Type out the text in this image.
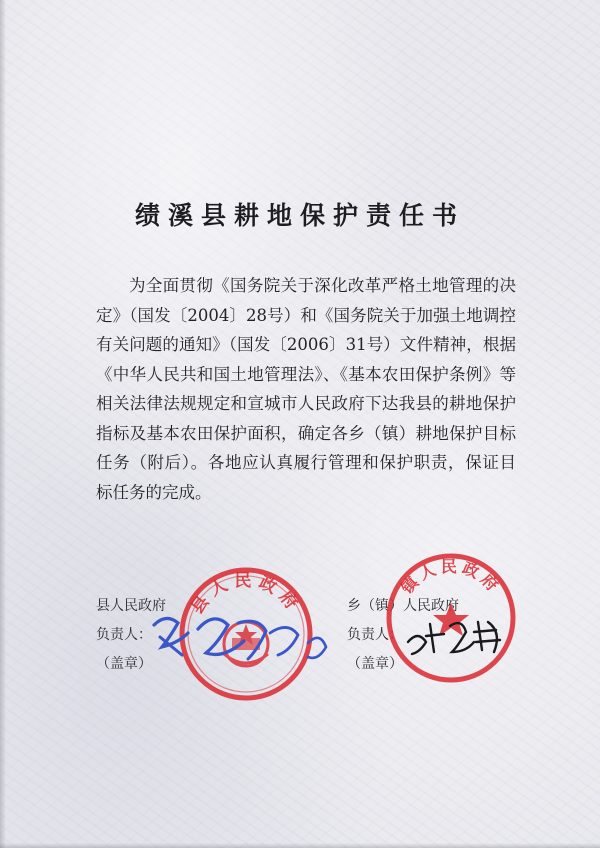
绩溪县耕地保护责任书
为全面贯彻《国务院关于深化改革严格土地管理的决定》（国发〔2004〕28号）和《国务院关于加强土地调控有关问题的通知》（国发〔2006〕31号）文件精神，根据《中华人民共和国土地管理法》、《基本农田保护条例》等相关法律法规规定和宣城市人民政府下达我县的耕地保护指标及基本农田保护面积，确定各乡（镇）耕地保护目标任务（附后）。各地应认真履行管理和保护职责，保证目标任务的完成。
县人民政府
负责人：
（盖章）
乡（镇）人民政府
负责人：
（盖章）
县人民政府
镇人民政府
